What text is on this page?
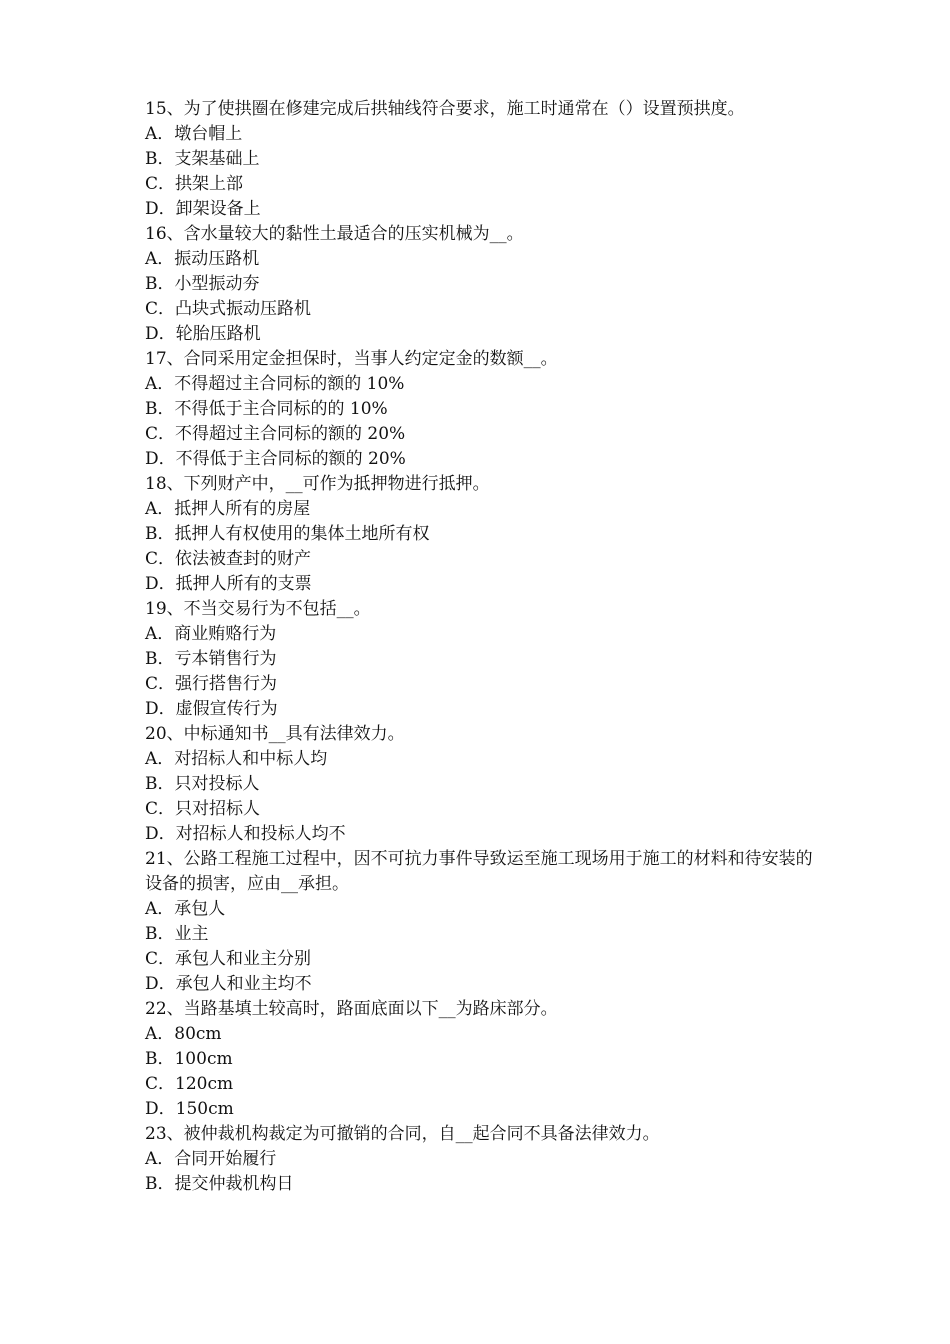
15、为了使拱圈在修建完成后拱轴线符合要求，施工时通常在（）设置预拱度。
A．墩台帽上
B．支架基础上
C．拱架上部
D．卸架设备上
16、含水量较大的黏性土最适合的压实机械为__。
A．振动压路机
B．小型振动夯
C．凸块式振动压路机
D．轮胎压路机
17、合同采用定金担保时，当事人约定定金的数额__。
A．不得超过主合同标的额的 10%
B．不得低于主合同标的的 10%
C．不得超过主合同标的额的 20%
D．不得低于主合同标的额的 20%
18、下列财产中，__可作为抵押物进行抵押。
A．抵押人所有的房屋
B．抵押人有权使用的集体土地所有权
C．依法被查封的财产
D．抵押人所有的支票
19、不当交易行为不包括__。
A．商业贿赂行为
B．亏本销售行为
C．强行搭售行为
D．虚假宣传行为
20、中标通知书__具有法律效力。
A．对招标人和中标人均
B．只对投标人
C．只对招标人
D．对招标人和投标人均不
21、公路工程施工过程中，因不可抗力事件导致运至施工现场用于施工的材料和待安装的设备的损害，应由__承担。
A．承包人
B．业主
C．承包人和业主分别
D．承包人和业主均不
22、当路基填土较高时，路面底面以下__为路床部分。
A．80cm
B．100cm
C．120cm
D．150cm
23、被仲裁机构裁定为可撤销的合同，自__起合同不具备法律效力。
A．合同开始履行
B．提交仲裁机构日
